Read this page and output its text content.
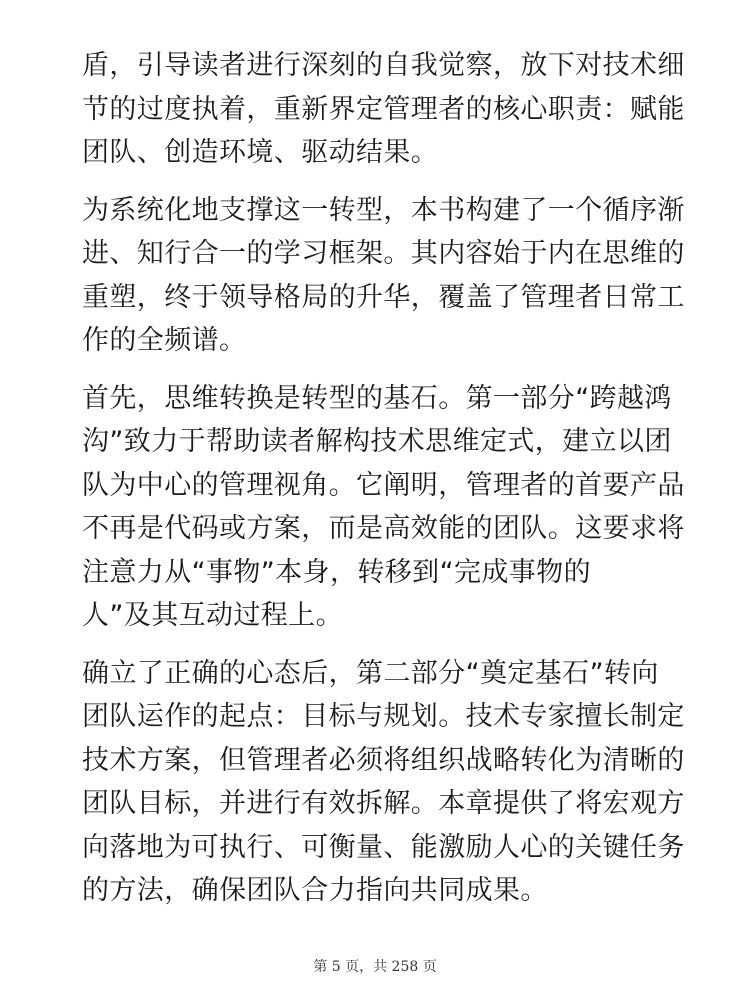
盾，引导读者进行深刻的自我觉察，放下对技术细
节的过度执着，重新界定管理者的核心职责：赋能
团队、创造环境、驱动结果。

为系统化地支撑这一转型，本书构建了一个循序渐
进、知行合一的学习框架。其内容始于内在思维的
重塑，终于领导格局的升华，覆盖了管理者日常工
作的全频谱。

首先，思维转换是转型的基石。第一部分“跨越鸿
沟”致力于帮助读者解构技术思维定式，建立以团
队为中心的管理视角。它阐明，管理者的首要产品
不再是代码或方案，而是高效能的团队。这要求将
注意力从“事物”本身，转移到“完成事物的
人”及其互动过程上。

确立了正确的心态后，第二部分“奠定基石”转向
团队运作的起点：目标与规划。技术专家擅长制定
技术方案，但管理者必须将组织战略转化为清晰的
团队目标，并进行有效拆解。本章提供了将宏观方
向落地为可执行、可衡量、能激励人心的关键任务
的方法，确保团队合力指向共同成果。

第 5 页，共 258 页
